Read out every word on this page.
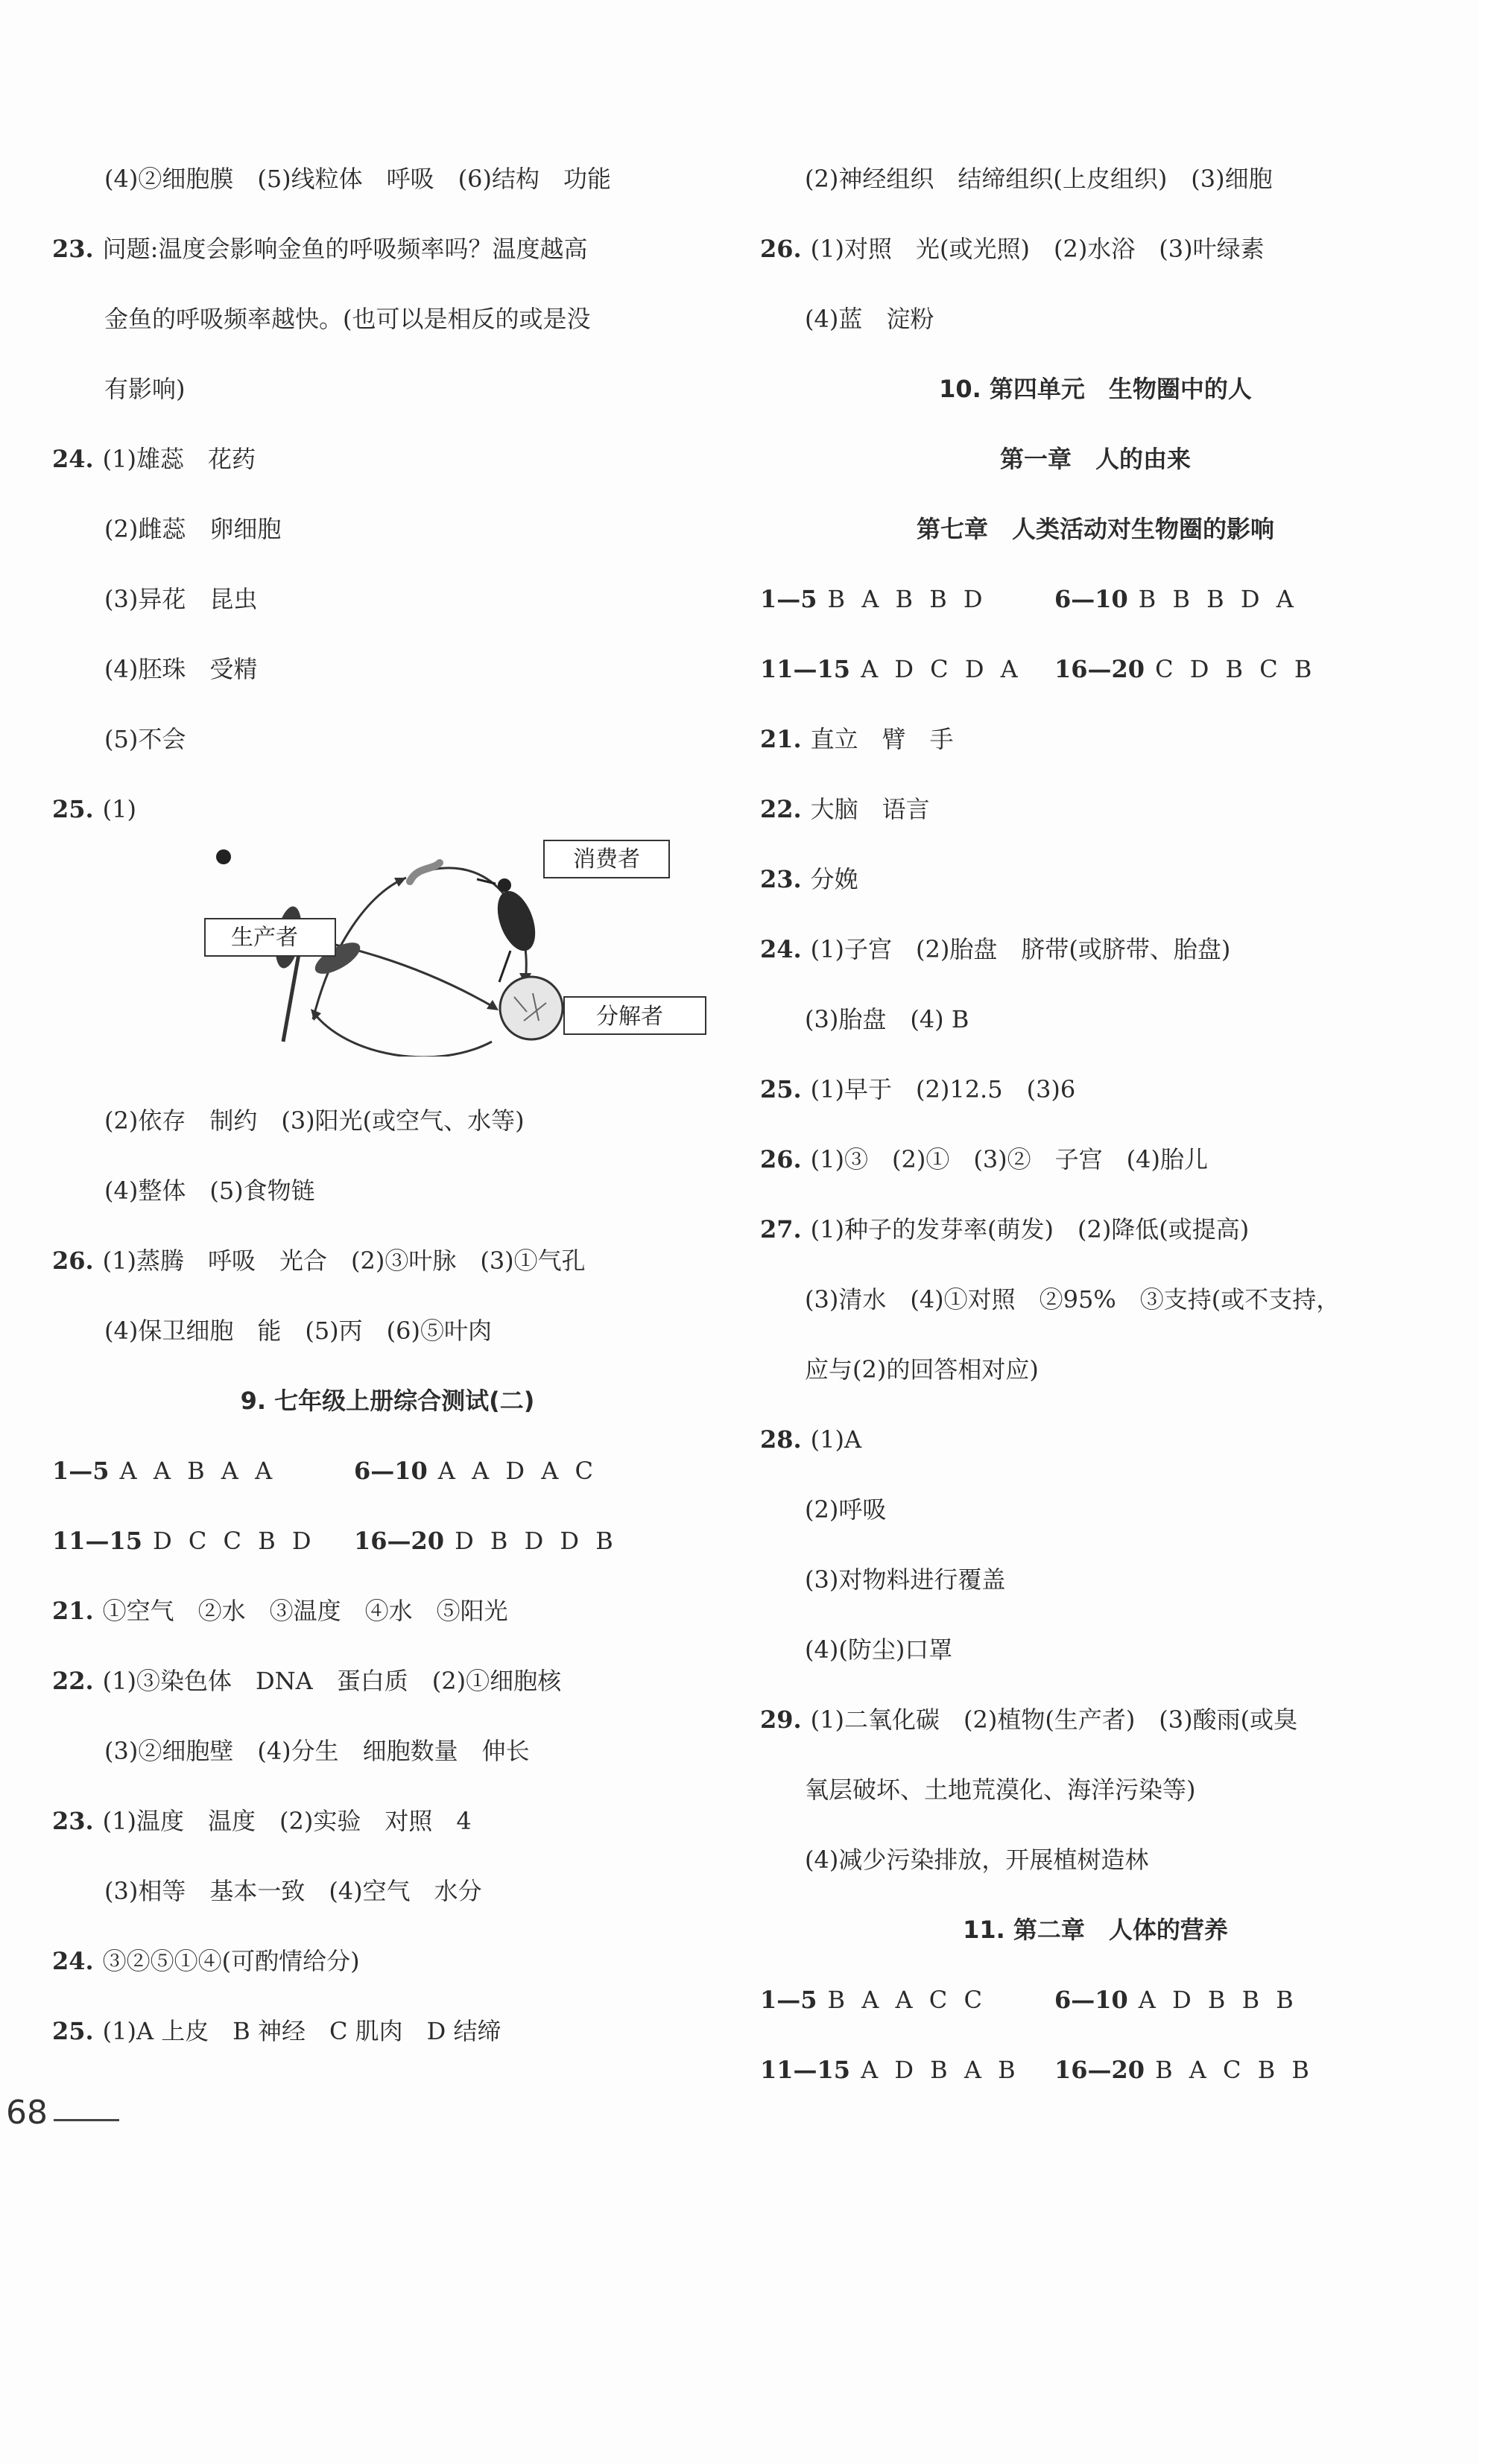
(4)②细胞膜　(5)线粒体　呼吸　(6)结构　功能
23. 问题:温度会影响金鱼的呼吸频率吗？温度越高
金鱼的呼吸频率越快。(也可以是相反的或是没
有影响)
24. (1)雄蕊　花药
(2)雌蕊　卵细胞
(3)异花　昆虫
(4)胚珠　受精
(5)不会
25. (1)
消费者
生产者
分解者
(2)依存　制约　(3)阳光(或空气、水等)
(4)整体　(5)食物链
26. (1)蒸腾　呼吸　光合　(2)③叶脉　(3)①气孔
(4)保卫细胞　能　(5)丙　(6)⑤叶肉
9. 七年级上册综合测试(二)
1—5 A A B A A	6—10 A A D A C
11—15 D C C B D 16—20 D B D D B
21. ①空气　②水　③温度　④水　⑤阳光
22. (1)③染色体　DNA　蛋白质　(2)①细胞核
(3)②细胞壁　(4)分生　细胞数量　伸长
23. (1)温度　温度　(2)实验　对照　4
(3)相等　基本一致　(4)空气　水分
24. ③②⑤①④(可酌情给分)
25. (1)A 上皮　B 神经　C 肌肉　D 结缔
(2)神经组织　结缔组织(上皮组织)　(3)细胞
26. (1)对照　光(或光照)　(2)水浴　(3)叶绿素
(4)蓝　淀粉
10. 第四单元　生物圈中的人
第一章　人的由来
第七章　人类活动对生物圈的影响
1—5 B A B B D	6—10 B B B D A
11—15 A D C D A 16—20 C D B C B
21. 直立　臂　手
22. 大脑　语言
23. 分娩
24. (1)子宫　(2)胎盘　脐带(或脐带、胎盘)
(3)胎盘　(4) B
25. (1)早于　(2)12.5　(3)6
26. (1)③　(2)①　(3)②　子宫　(4)胎儿
27. (1)种子的发芽率(萌发)　(2)降低(或提高)
(3)清水　(4)①对照　②95%　③支持(或不支持，
应与(2)的回答相对应)
28. (1)A
(2)呼吸
(3)对物料进行覆盖
(4)(防尘)口罩
29. (1)二氧化碳　(2)植物(生产者)　(3)酸雨(或臭
氧层破坏、土地荒漠化、海洋污染等)
(4)减少污染排放，开展植树造林
11. 第二章　人体的营养
1—5 B A A C C	6—10 A D B B B
11—15 A D B A B 16—20 B A C B B
68
